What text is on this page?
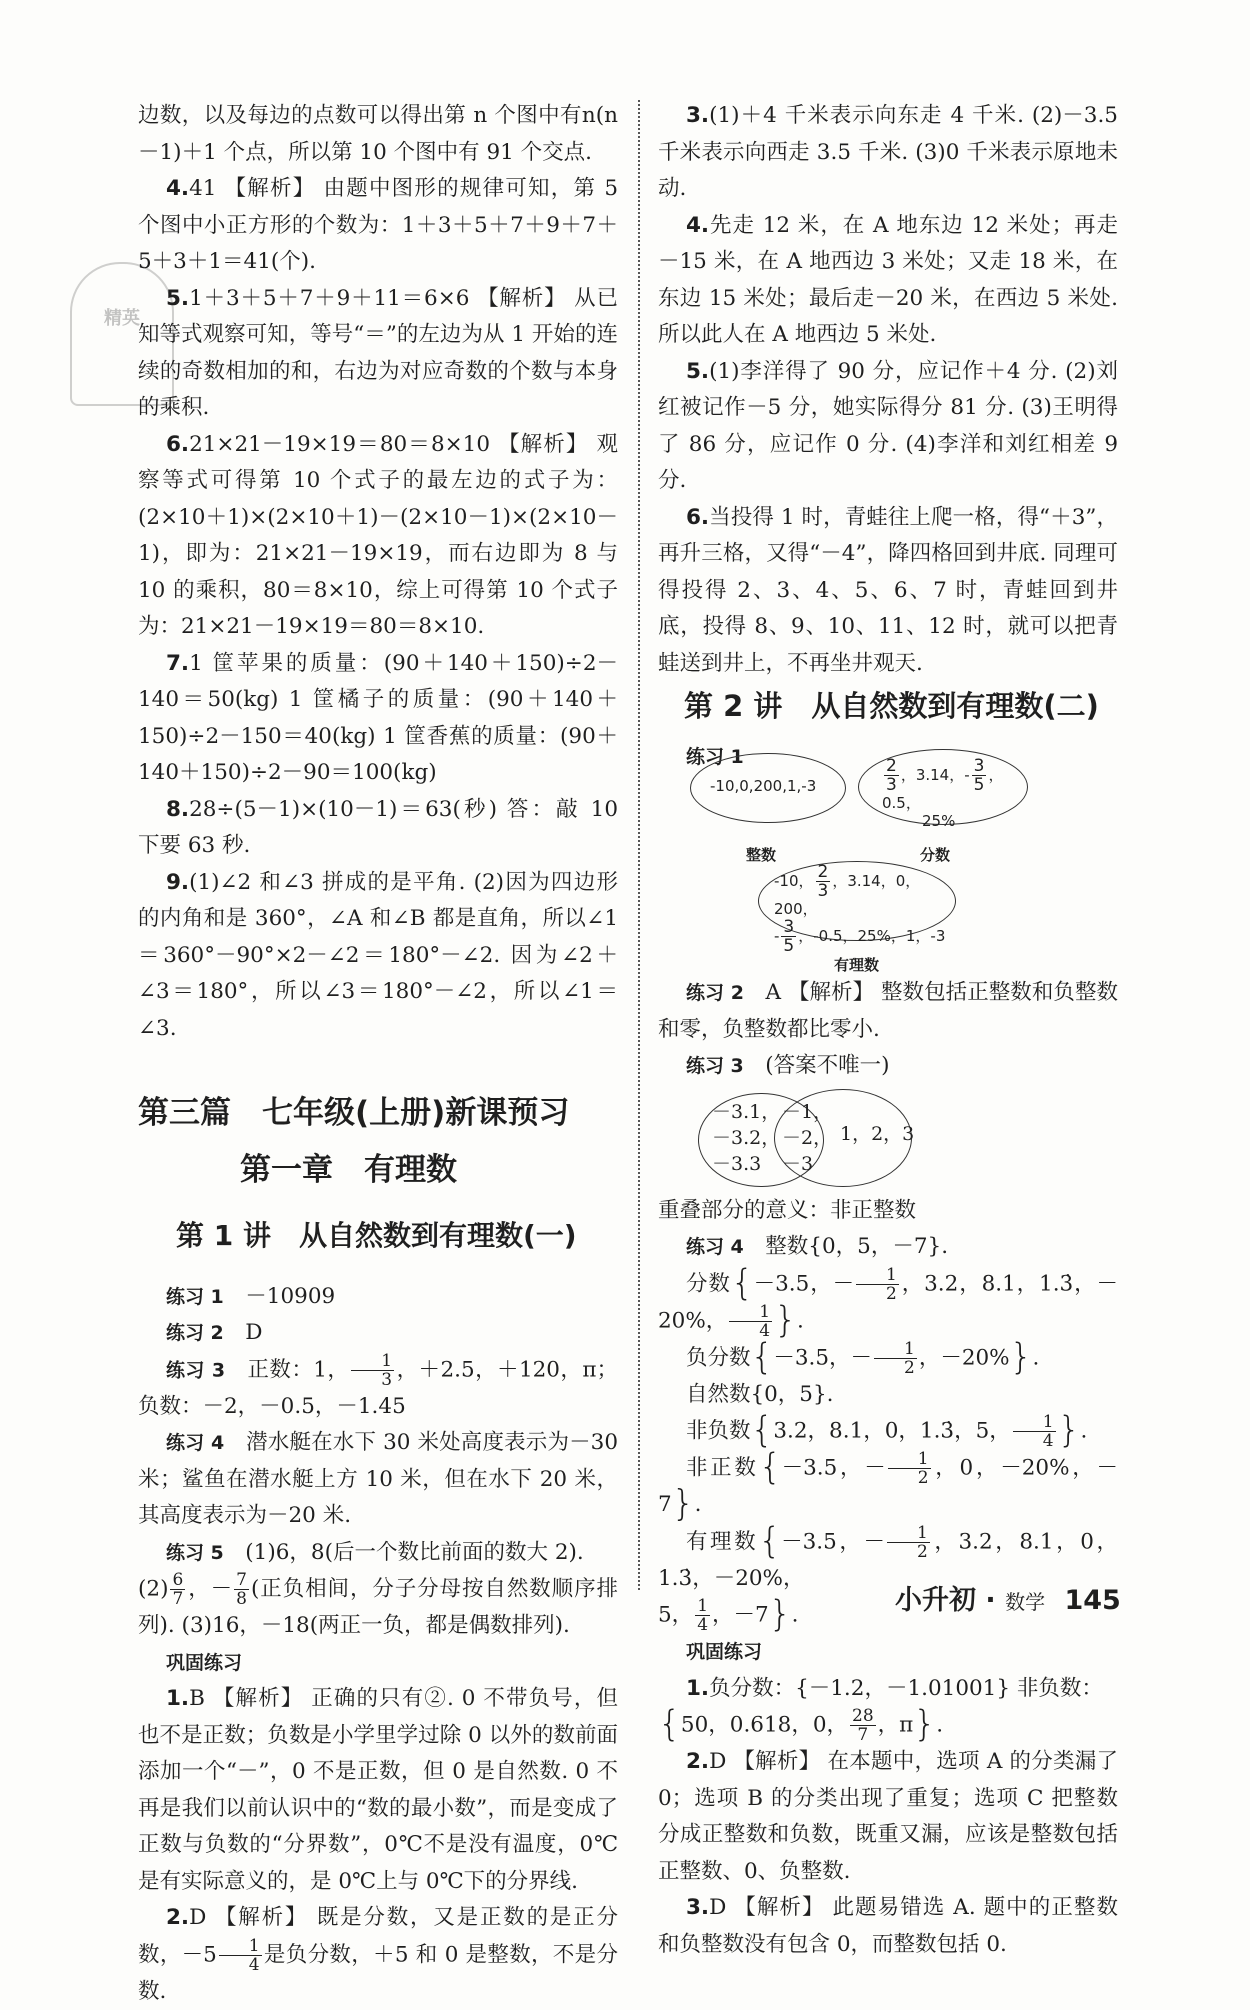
精英

边数，以及每边的点数可以得出第 n 个图中有n(n－1)＋1 个点，所以第 10 个图中有 91 个交点.

4.41 【解析】 由题中图形的规律可知，第 5 个图中小正方形的个数为：1＋3＋5＋7＋9＋7＋5＋3＋1＝41(个).

5.1＋3＋5＋7＋9＋11＝6×6 【解析】 从已知等式观察可知，等号“＝”的左边为从 1 开始的连续的奇数相加的和，右边为对应奇数的个数与本身的乘积.

6.21×21－19×19＝80＝8×10 【解析】 观察等式可得第 10 个式子的最左边的式子为：(2×10＋1)×(2×10＋1)－(2×10－1)×(2×10－1)，即为：21×21－19×19，而右边即为 8 与 10 的乘积，80＝8×10，综上可得第 10 个式子为：21×21－19×19＝80＝8×10.

7.1 筐苹果的质量：(90＋140＋150)÷2－140＝50(kg) 1 筐橘子的质量：(90＋140＋150)÷2－150＝40(kg) 1 筐香蕉的质量：(90＋140＋150)÷2－90＝100(kg)

8.28÷(5－1)×(10－1)＝63(秒) 答：敲 10 下要 63 秒.

9.(1)∠2 和∠3 拼成的是平角. (2)因为四边形的内角和是 360°，∠A 和∠B 都是直角，所以∠1＝360°－90°×2－∠2＝180°－∠2. 因为∠2＋∠3＝180°，所以∠3＝180°－∠2，所以∠1＝∠3.

第三篇　七年级(上册)新课预习
第一章　有理数
第 1 讲　从自然数到有理数(一)

练习 1　 －10909

练习 2　 D

练习 3　 正数：1， $\frac{1}{3}$ ，＋2.5，＋120，π； 负数：－2，－0.5，－1.45

练习 4　 潜水艇在水下 30 米处高度表示为－30米；鲨鱼在潜水艇上方 10 米，但在水下 20 米，其高度表示为－20 米.

练习 5　 (1)6，8(后一个数比前面的数大 2).

$(2) \frac{6}{7}$ ，－ $\frac{7}{8}$ (正负相间，分子分母按自然数顺序排列). (3)16，－18(两正一负，都是偶数排列).

巩固练习

1.B 【解析】 正确的只有②. 0 不带负号，但也不是正数；负数是小学里学过除 0 以外的数前面添加一个“－”，0 不是正数，但 0 是自然数. 0 不再是我们以前认识中的“数的最小数”，而是变成了正数与负数的“分界数”，0℃不是没有温度，0℃是有实际意义的，是 0℃上与 0℃下的分界线.

2.D 【解析】 既是分数，又是正数的是正分数，$-5 \frac{1}{4}$ 是负分数，＋5 和 0 是整数，不是分数.

3.(1)＋4 千米表示向东走 4 千米. (2)－3.5 千米表示向西走 3.5 千米. (3)0 千米表示原地未动.

4.先走 12 米，在 A 地东边 12 米处；再走－15 米，在 A 地西边 3 米处；又走 18 米，在东边 15 米处；最后走－20 米，在西边 5 米处. 所以此人在 A 地西边 5 米处.

5.(1)李洋得了 90 分，应记作＋4 分. (2)刘红被记作－5 分，她实际得分 81 分. (3)王明得了 86 分，应记作 0 分. (4)李洋和刘红相差 9 分.

6.当投得 1 时，青蛙往上爬一格，得“＋3”，再升三格，又得“－4”，降四格回到井底. 同理可得投得 2、3、4、5、6、7 时，青蛙回到井底，投得 8、9、10、11、12 时，就可以把青蛙送到井上，不再坐井观天.

第 2 讲　从自然数到有理数(二)

练习 1

-10,0,200,1,-3	$\frac{2}{3}$ ，3.14，- $\frac{3}{5}$ ，0.5，
25%
整数	分数
-10， $\frac{2}{3}$ ，3.14，0，200，
- $\frac{3}{5}$ ，-0.5，25%，1，-3
有理数

练习 2　 A 【解析】 整数包括正整数和负整数和零，负整数都比零小.

练习 3　 (答案不唯一)

－3.1，
－3.2，
－3.3
－1，
－2，
－3
1，2，3

重叠部分的意义：非正整数

练习 4　 整数{0，5，－7}.

分数{－3.5，－ $\frac{1}{2}$ ，3.2，8.1，1.3̇，－20%， $\frac{1}{4}$ }.

负分数{－3.5，－ $\frac{1}{2}$ ，－20%}.

自然数{0，5}.

非负数{3.2，8.1，0，1.3̇，5， $\frac{1}{4}$ }.

非正数{－3.5，－ $\frac{1}{2}$ ，0，－20%，－7}.

有理数{－3.5，－ $\frac{1}{2}$ ，3.2，8.1，0，1.3̇，－20%，

5， $\frac{1}{4}$ ，－7}.

巩固练习

1.负分数：{－1.2，－1.01001} 非负数：

{50，0.618，0， $\frac{28}{7}$ ，π}.

2.D 【解析】 在本题中，选项 A 的分类漏了 0；选项 B 的分类出现了重复；选项 C 把整数分成正整数和负数，既重又漏，应该是整数包括正整数、0、负整数.

3.D 【解析】 此题易错选 A. 题中的正整数和负整数没有包含 0，而整数包括 0.

小升初 · 数学 145
